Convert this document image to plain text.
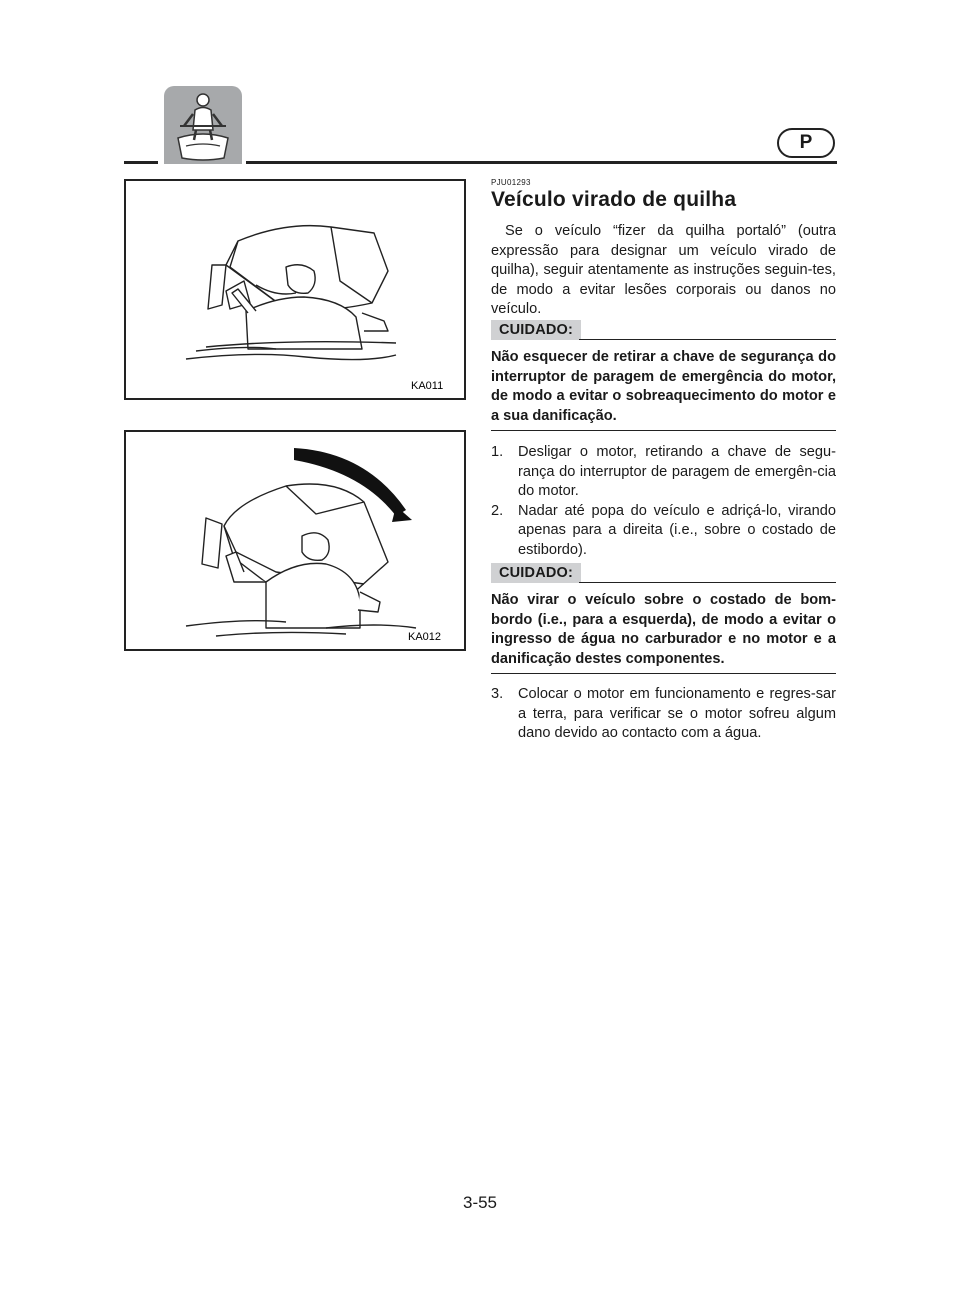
P
KA011
KA012
PJU01293
Veículo virado de quilha

Se o veículo “fizer da quilha portaló” (outra expressão para designar um veículo virado de quilha), seguir atentamente as instruções seguin-tes, de modo a evitar lesões corporais ou danos no veículo.

CUIDADO:

Não esquecer de retirar a chave de segurança do interruptor de paragem de emergência do motor, de modo a evitar o sobreaquecimento do motor e a sua danificação.

1. Desligar o motor, retirando a chave de segu-rança do interruptor de paragem de emergên-cia do motor.
2. Nadar até popa do veículo e adriçá-lo, virando apenas para a direita (i.e., sobre o costado de estibordo).
CUIDADO:

Não virar o veículo sobre o costado de bom-bordo (i.e., para a esquerda), de modo a evitar o ingresso de água no carburador e no motor e a danificação destes componentes.

3. Colocar o motor em funcionamento e regres-sar a terra, para verificar se o motor sofreu algum dano devido ao contacto com a água.
3-55
